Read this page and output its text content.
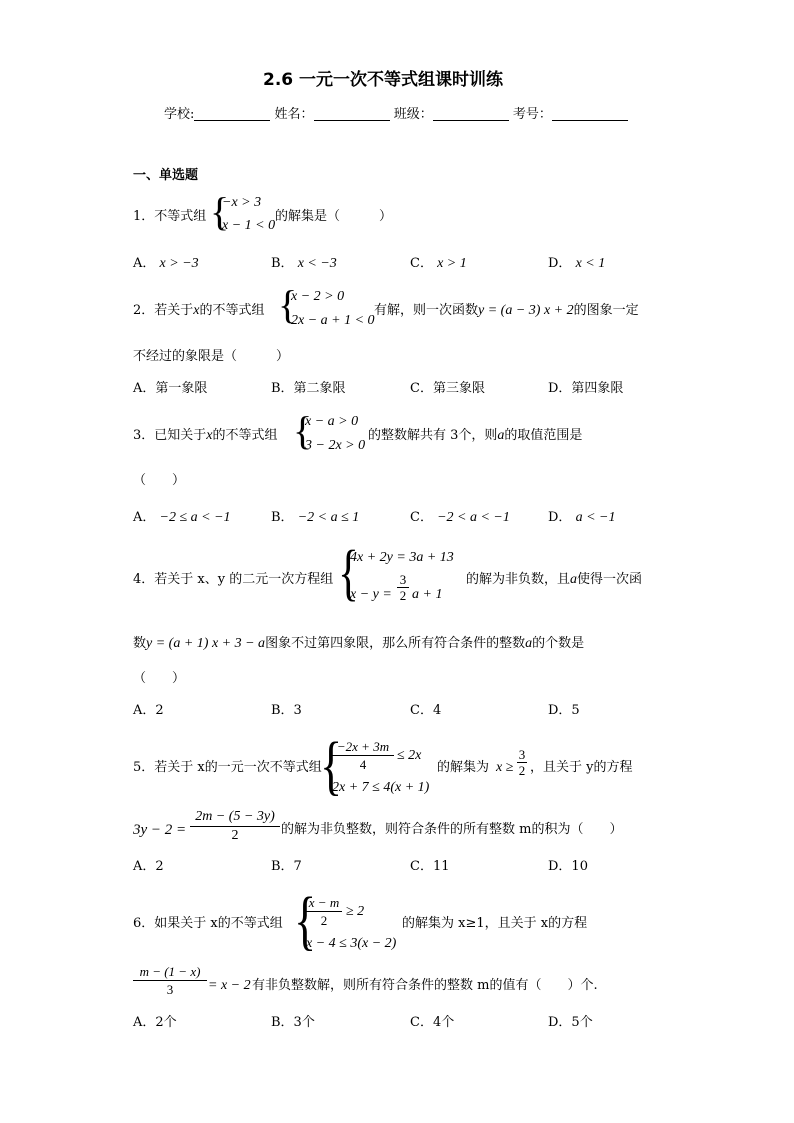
2.6 一元一次不等式组课时训练
学校:	姓名：	班级：	考号：
一、单选题
1．不等式组 {
−x > 3
x − 1 < 0
的解集是（　　　）
A． x > −3	B． x < −3	C． x > 1	D． x < 1
2．若关于x的不等式组 {
x − 2 > 0
2x − a + 1 < 0
有解，则一次函数y = (a − 3) x + 2的图象一定
不经过的象限是（　　　）
A．第一象限	B．第二象限	C．第三象限	D．第四象限
3．已知关于x的不等式组 {
x − a > 0
3 − 2x > 0
的整数解共有 3个，则a的取值范围是
（　　）
A． −2 ≤ a < −1	B． −2 < a ≤ 1	C． −2 < a < −1	D． a < −1
4．若关于 x、y 的二元一次方程组 {
4x + 2y = 3a + 13
$x - y = \frac{3}{2}$ a + 1
的解为非负数，且a使得一次函
数y = (a + 1) x + 3 − a图象不过第四象限，那么所有符合条件的整数a的个数是
（　　）
A．2	B．3	C．4	D．5
5．若关于 x的一元一次不等式组
{
$\frac{-2x + 3m}{4} \le 2x$
2x + 7 ≤ 4(x + 1)
的解集为 $x \ge \frac{3}{2}$ ，且关于 y的方程
$3y - 2 = \frac{2m - (5 - 3y)}{2}$ 的解为非负整数，则符合条件的所有整数 m的积为（　　）
A．2	B．7	C．11	D．10
6．如果关于 x的不等式组 {
$\frac{x - m}{2} \ge 2$
x − 4 ≤ 3(x − 2)
的解集为 x≥1，且关于 x的方程
$\frac{m - (1 - x)}{3} = x - 2$ 有非负整数解，则所有符合条件的整数 m的值有（　　）个.
A．2个	B．3个	C．4个	D．5个
